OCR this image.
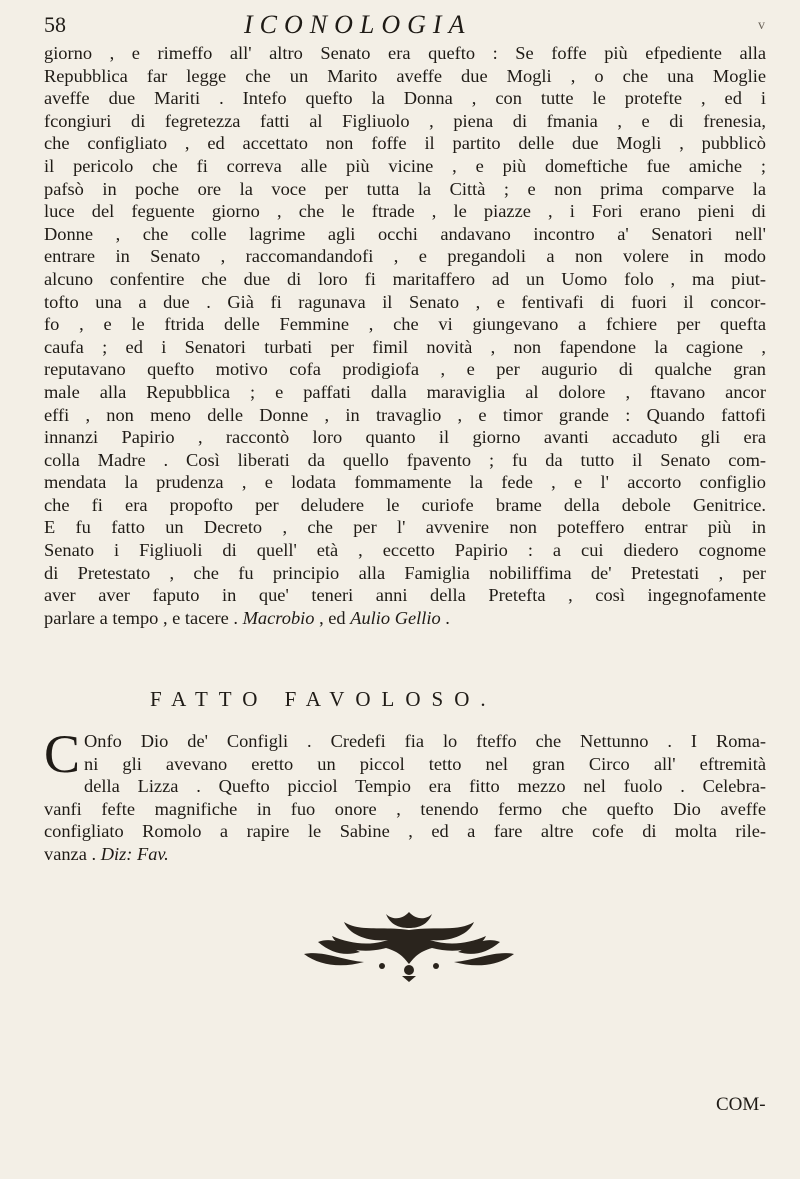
58	ICONOLOGIA	v
giorno , e rimeffo all' altro Senato era quefto : Se foffe più efpediente alla
Repubblica far legge che un Marito aveffe due Mogli , o che una Moglie
aveffe due Mariti . Intefo quefto la Donna , con tutte le protefte , ed i
fcongiuri di fegretezza fatti al Figliuolo , piena di fmania , e di frenesia,
che configliato , ed accettato non foffe il partito delle due Mogli , pubblicò
il pericolo che fi correva alle più vicine , e più domeftiche fue amiche ;
pafsò in poche ore la voce per tutta la Città ; e non prima comparve la
luce del feguente giorno , che le ftrade , le piazze , i Fori erano pieni di
Donne , che colle lagrime agli occhi andavano incontro a' Senatori nell'
entrare in Senato , raccomandandofi , e pregandoli a non volere in modo
alcuno confentire che due di loro fi maritaffero ad un Uomo folo , ma piut-
tofto una a due . Già fi ragunava il Senato , e fentivafi di fuori il concor-
fo , e le ftrida delle Femmine , che vi giungevano a fchiere per quefta
caufa ; ed i Senatori turbati per fimil novità , non fapendone la cagione ,
reputavano quefto motivo cofa prodigiofa , e per augurio di qualche gran
male alla Repubblica ; e paffati dalla maraviglia al dolore , ftavano ancor
effi , non meno delle Donne , in travaglio , e timor grande : Quando fattofi
innanzi Papirio , raccontò loro quanto il giorno avanti accaduto gli era
colla Madre . Così liberati da quello fpavento ; fu da tutto il Senato com-
mendata la prudenza , e lodata fommamente la fede , e l' accorto configlio
che fi era propofto per deludere le curiofe brame della debole Genitrice.
E fu fatto un Decreto , che per l' avvenire non poteffero entrar più in
Senato i Figliuoli di quell' età , eccetto Papirio : a cui diedero cognome
di Pretestato , che fu principio alla Famiglia nobiliffima de' Pretestati , per
aver aver faputo in que' teneri anni della Pretefta , così ingegnofamente
parlare a tempo , e tacere . Macrobio , ed Aulio Gellio .
FATTO FAVOLOSO.
C Onfo Dio de' Configli . Credefi fia lo fteffo che Nettunno . I Roma-
ni gli avevano eretto un piccol tetto nel gran Circo all' eftremità
della Lizza . Quefto picciol Tempio era fitto mezzo nel fuolo . Celebra-
vanfi fefte magnifiche in fuo onore , tenendo fermo che quefto Dio aveffe
configliato Romolo a rapire le Sabine , ed a fare altre cofe di molta rile-
vanza . Diz: Fav.
COM-
